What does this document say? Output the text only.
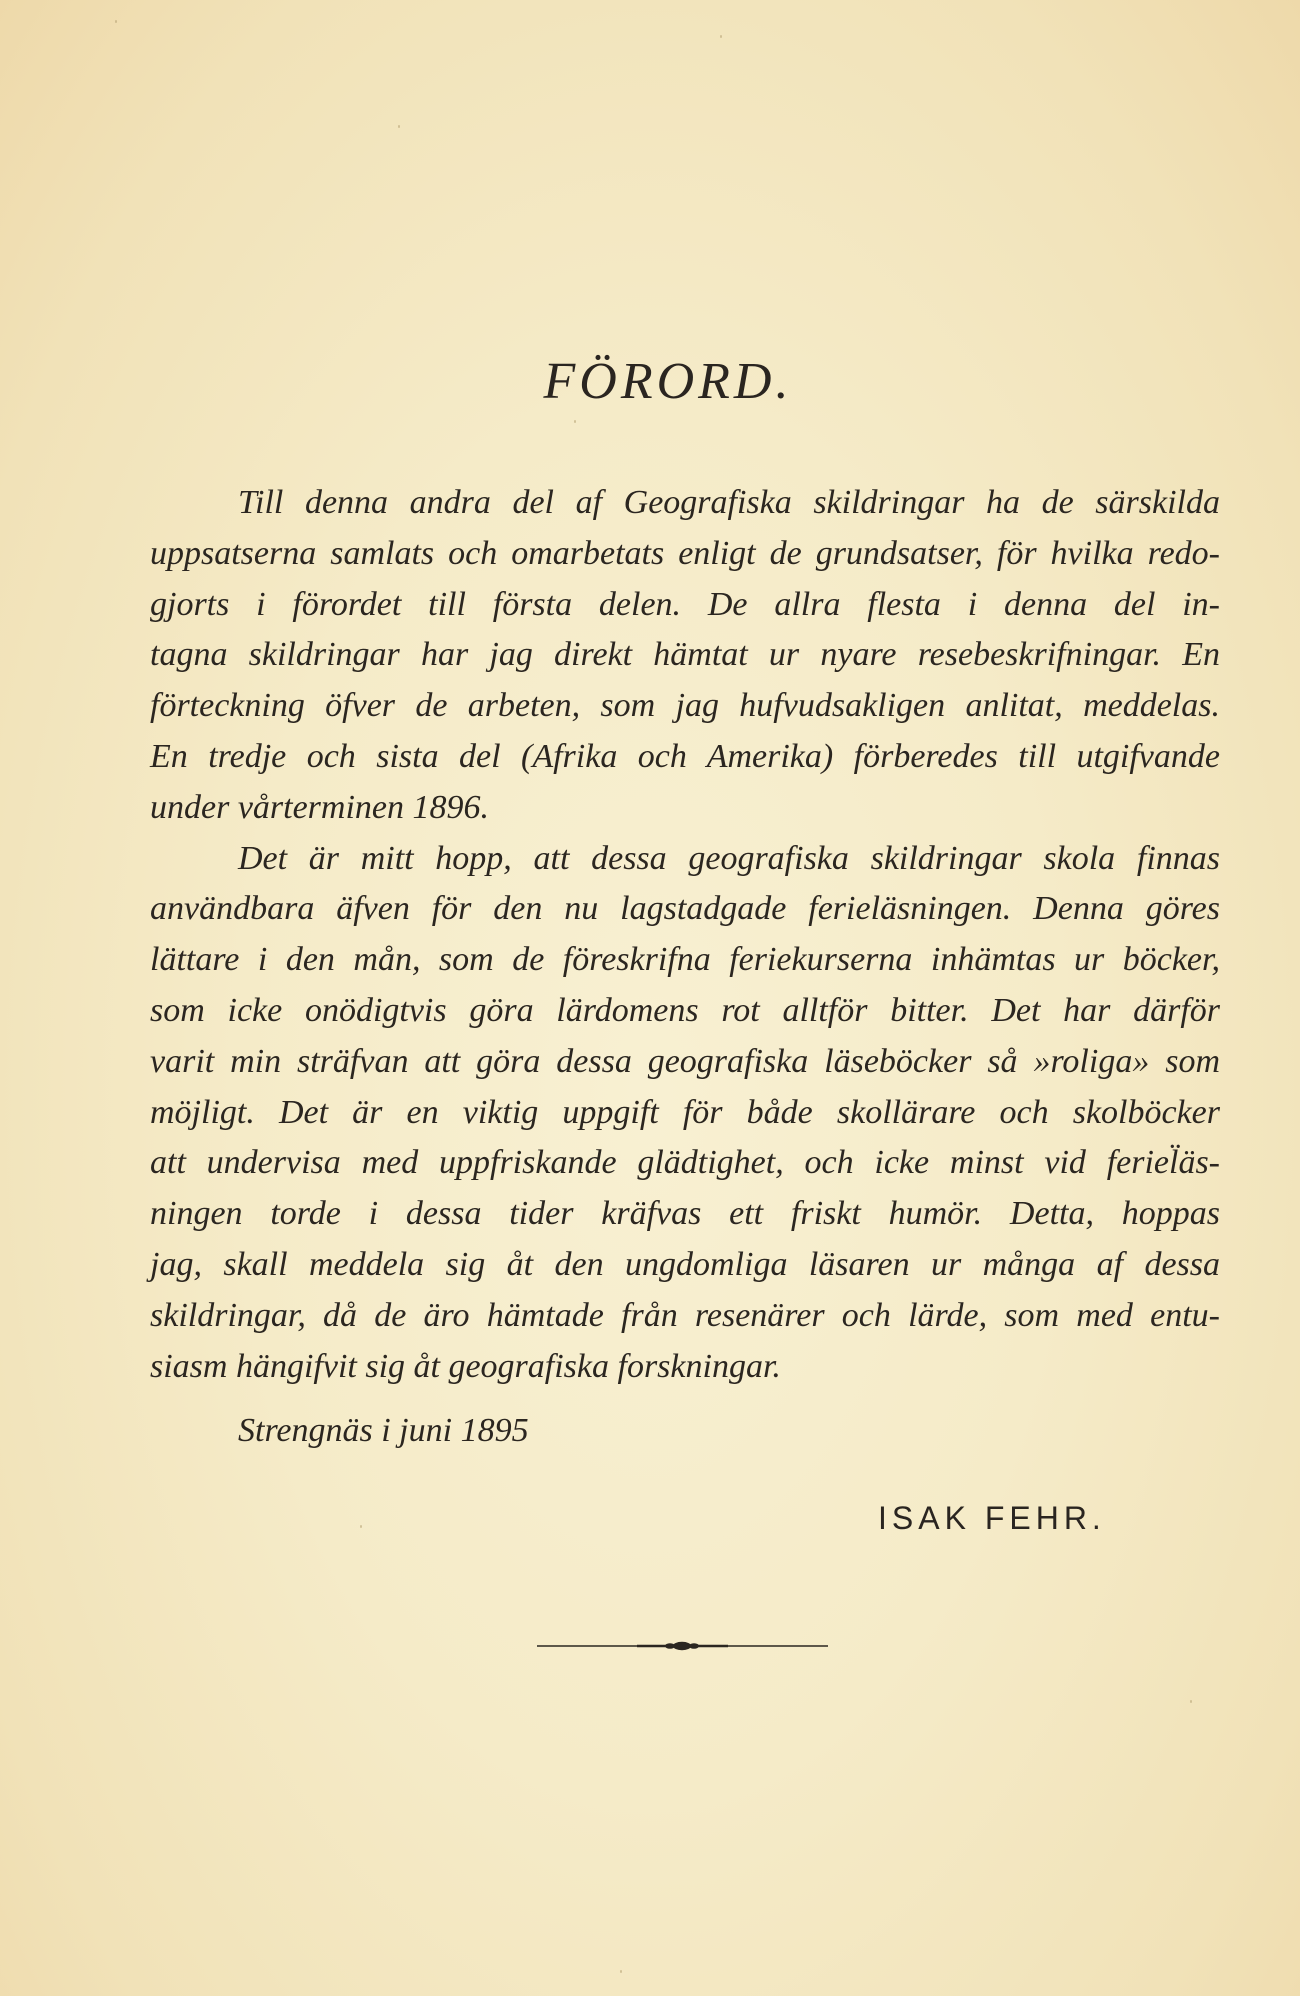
FÖRORD.
Till denna andra del af Geografiska skildringar ha de särskilda
uppsatserna samlats och omarbetats enligt de grundsatser, för hvilka redo-
gjorts i förordet till första delen. De allra flesta i denna del in-
tagna skildringar har jag direkt hämtat ur nyare resebeskrifningar. En
förteckning öfver de arbeten, som jag hufvudsakligen anlitat, meddelas.
En tredje och sista del (Afrika och Amerika) förberedes till utgifvande
under vårterminen 1896.
Det är mitt hopp, att dessa geografiska skildringar skola finnas
användbara äfven för den nu lagstadgade ferieläsningen. Denna göres
lättare i den mån, som de föreskrifna feriekurserna inhämtas ur böcker,
som icke onödigtvis göra lärdomens rot alltför bitter. Det har därför
varit min sträfvan att göra dessa geografiska läseböcker så »roliga» som
möjligt. Det är en viktig uppgift för både skollärare och skolböcker
att undervisa med uppfriskande glädtighet, och icke minst vid feriel̈äs-
ningen torde i dessa tider kräfvas ett friskt humör. Detta, hoppas
jag, skall meddela sig åt den ungdomliga läsaren ur många af dessa
skildringar, då de äro hämtade från resenärer och lärde, som med entu-
siasm hängifvit sig åt geografiska forskningar.
Strengnäs i juni 1895
ISAK FEHR.
